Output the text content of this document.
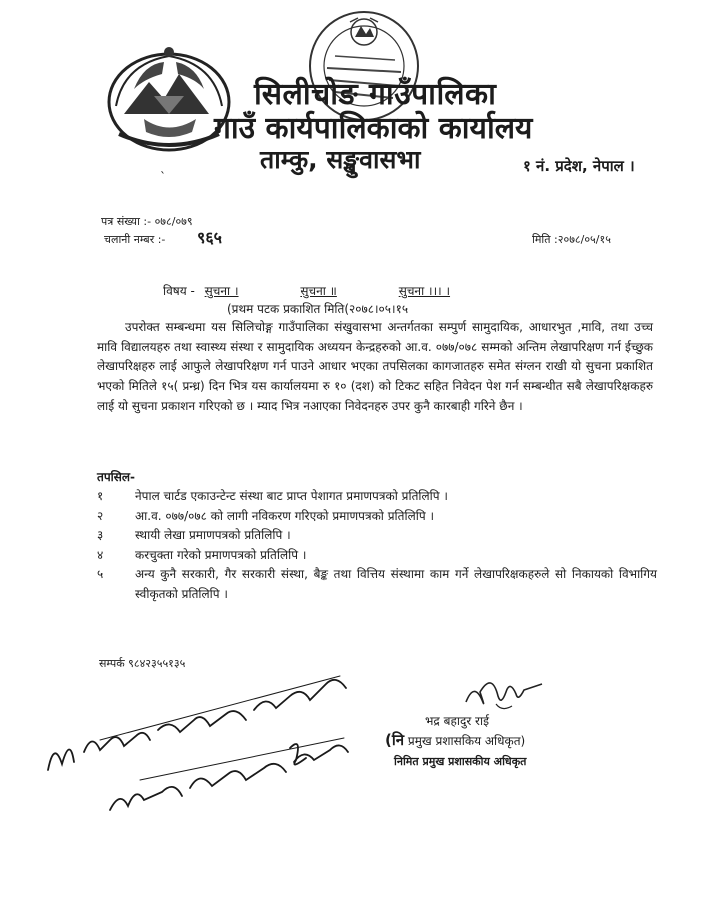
सिलीचोङ गाउँपालिका
गाउँ कार्यपालिकाको कार्यालय
ताम्कु, सङ्खुवासभा	१ नं. प्रदेश, नेपाल ।
ˋ
पत्र संख्या :- ०७८/०७९
चलानी नम्बर :- ९६५	मिति :२०७८/०५/१५
विषय - सुचना ।	सुचना ॥	सुचना ।।। ।
(प्रथम पटक प्रकाशित मिति(२०७८।०५।१५
उपरोक्त सम्बन्धमा यस सिलिचोङ्ग गाउँपालिका संखुवासभा अन्तर्गतका सम्पुर्ण सामुदायिक, आधारभुत ,मावि, तथा उच्च मावि विद्यालयहरु तथा स्वास्थ्य संस्था र सामुदायिक अध्ययन केन्द्रहरुको आ.व. ०७७/०७८ सम्मको अन्तिम लेखापरिक्षण गर्न ईच्छुक लेखापरिक्षहरु लाई आफुले लेखापरिक्षण गर्न पाउने आधार भएका तपसिलका कागजातहरु समेत संग्लन राखी यो सुचना प्रकाशित भएको मितिले १५( प्रन्ध्र) दिन भित्र यस कार्यालयमा रु १० (दश) को टिकट सहित निवेदन पेश गर्न सम्बन्धीत सबै लेखापरिक्षकहरु लाई यो सुचना प्रकाशन गरिएको छ । म्याद भित्र नआएका निवेदनहरु उपर कुनै कारबाही गरिने छैन ।
तपसिल-
१	नेपाल चार्टड एकाउन्टेन्ट संस्था बाट प्राप्त पेशागत प्रमाणपत्रको प्रतिलिपि ।
२	आ.व. ०७७/०७८ को लागी नविकरण गरिएको प्रमाणपत्रको प्रतिलिपि ।
३	स्थायी लेखा प्रमाणपत्रको प्रतिलिपि ।
४	करचुक्ता गरेको प्रमाणपत्रको प्रतिलिपि ।
५	अन्य कुनै सरकारी, गैर सरकारी संस्था, बैङ्क तथा वित्तिय संस्थामा काम गर्ने लेखापरिक्षकहरुले सो निकायको विभागिय स्वीकृतको प्रतिलिपि ।
सम्पर्क ९८४२३५५१३५
भद्र बहादुर राई
(नि प्रमुख प्रशासकिय अधिकृत)
निमित प्रमुख प्रशासकीय अधिकृत
